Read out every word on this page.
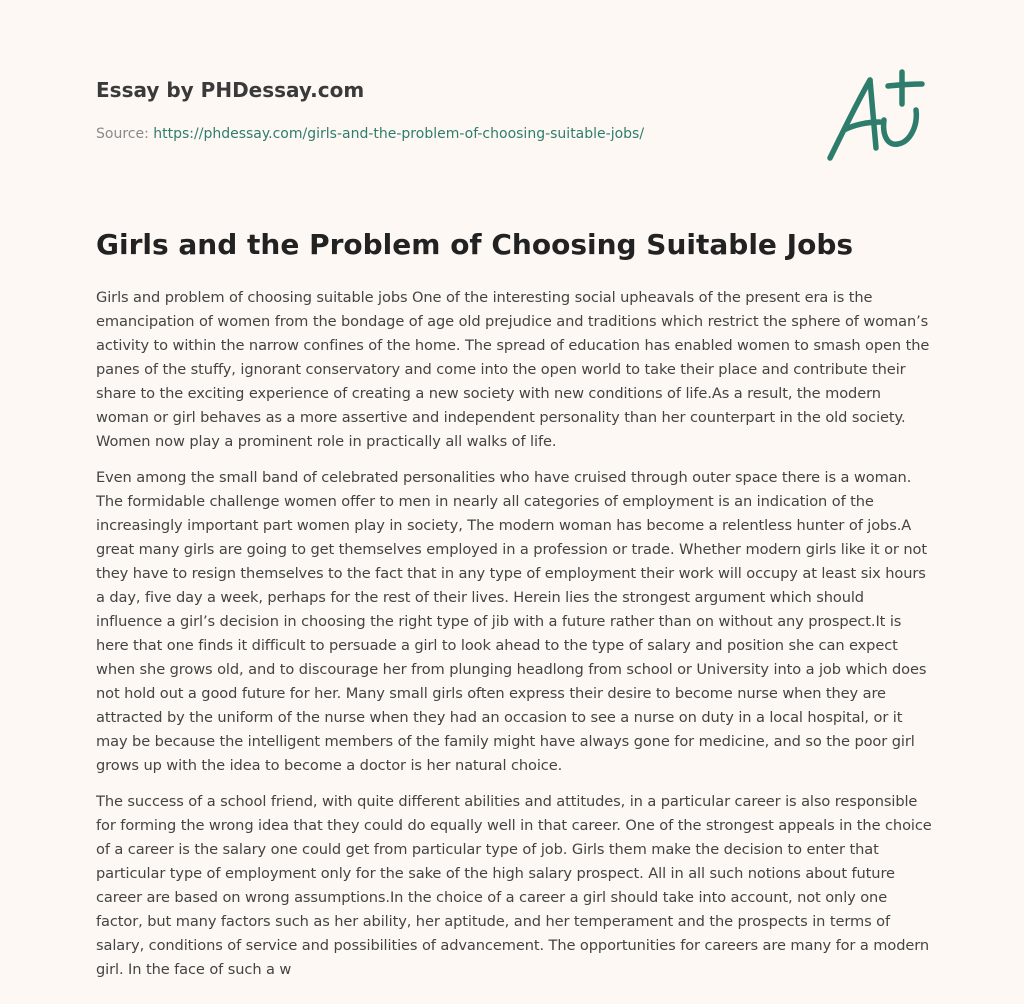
Essay by PHDessay.com
Source: https://phdessay.com/girls-and-the-problem-of-choosing-suitable-jobs/
Girls and the Problem of Choosing Suitable Jobs

Girls and problem of choosing suitable jobs One of the interesting social upheavals of the present era is the emancipation of women from the bondage of age old prejudice and traditions which restrict the sphere of woman’s activity to within the narrow confines of the home. The spread of education has enabled women to smash open the panes of the stuffy, ignorant conservatory and come into the open world to take their place and contribute their share to the exciting experience of creating a new society with new conditions of life.As a result, the modern woman or girl behaves as a more assertive and independent personality than her counterpart in the old society. Women now play a prominent role in practically all walks of life.

Even among the small band of celebrated personalities who have cruised through outer space there is a woman. The formidable challenge women offer to men in nearly all categories of employment is an indication of the increasingly important part women play in society, The modern woman has become a relentless hunter of jobs.A great many girls are going to get themselves employed in a profession or trade. Whether modern girls like it or not they have to resign themselves to the fact that in any type of employment their work will occupy at least six hours a day, five day a week, perhaps for the rest of their lives. Herein lies the strongest argument which should influence a girl’s decision in choosing the right type of jib with a future rather than on without any prospect.It is here that one finds it difficult to persuade a girl to look ahead to the type of salary and position she can expect when she grows old, and to discourage her from plunging headlong from school or University into a job which does not hold out a good future for her. Many small girls often express their desire to become nurse when they are attracted by the uniform of the nurse when they had an occasion to see a nurse on duty in a local hospital, or it may be because the intelligent members of the family might have always gone for medicine, and so the poor girl grows up with the idea to become a doctor is her natural choice.

The success of a school friend, with quite different abilities and attitudes, in a particular career is also responsible for forming the wrong idea that they could do equally well in that career. One of the strongest appeals in the choice of a career is the salary one could get from particular type of job. Girls them make the decision to enter that particular type of employment only for the sake of the high salary prospect. All in all such notions about future career are based on wrong assumptions.In the choice of a career a girl should take into account, not only one factor, but many factors such as her ability, her aptitude, and her temperament and the prospects in terms of salary, conditions of service and possibilities of advancement. The opportunities for careers are many for a modern girl. In the face of such a w
